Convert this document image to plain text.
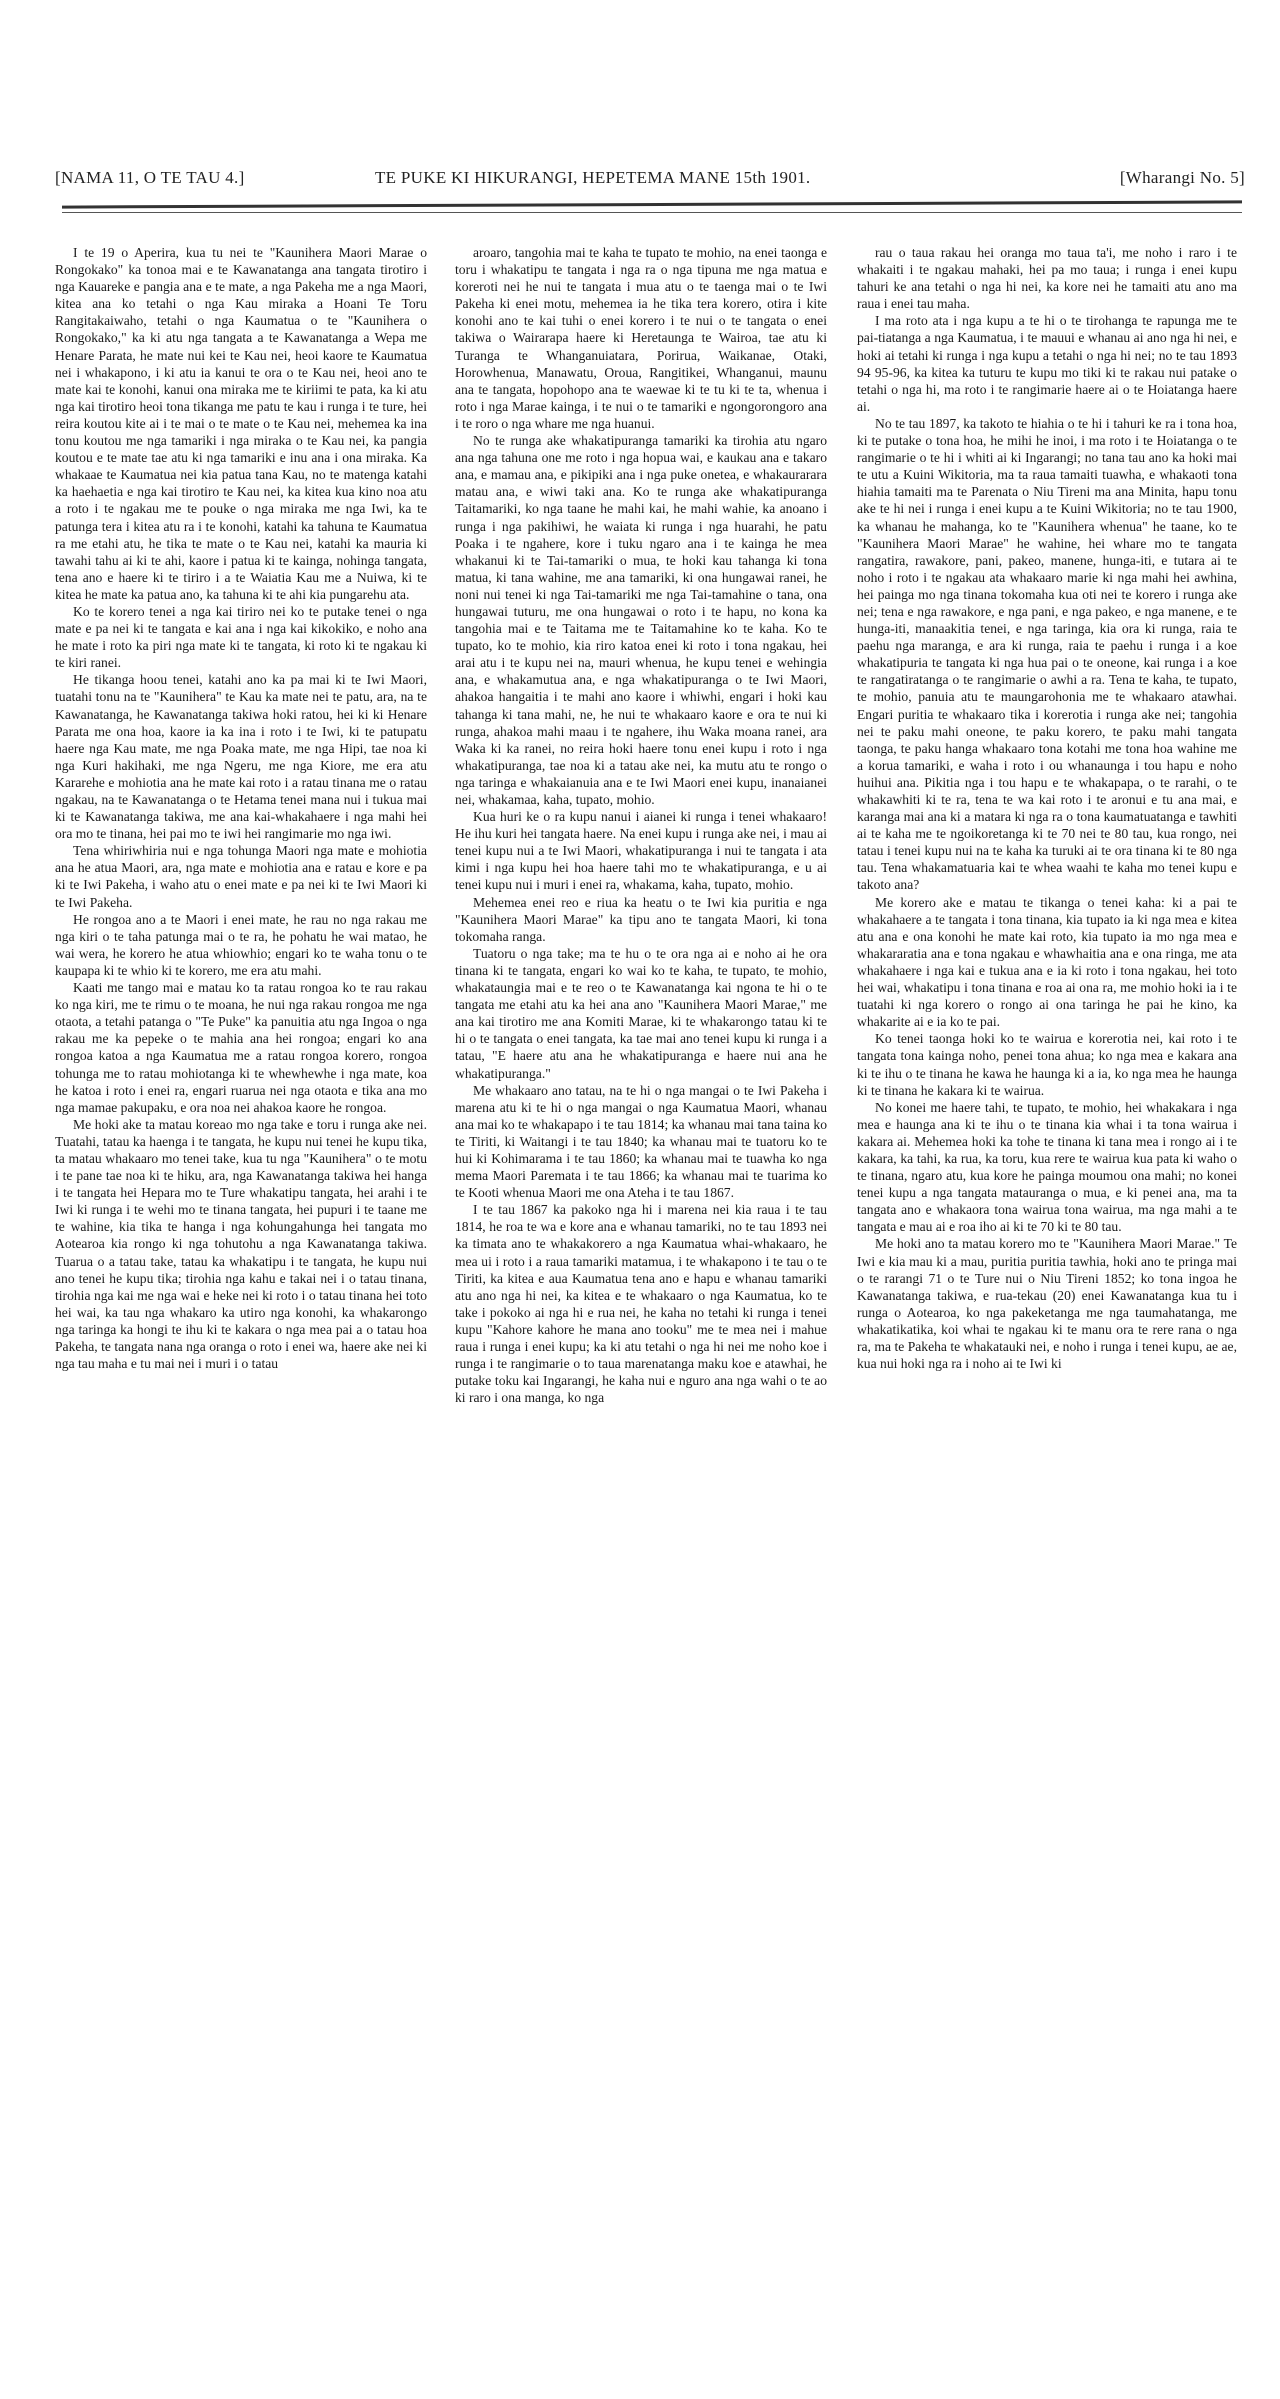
[NAMA 11, O TE TAU 4.]	TE PUKE KI HIKURANGI, HEPETEMA MANE 15th 1901.	[Wharangi No. 5]

I te 19 o Aperira, kua tu nei te "Kaunihera Maori Marae o Rongokako" ka tonoa mai e te Kawanatanga ana tangata tirotiro i nga Kauareke e pangia ana e te mate, a nga Pakeha me a nga Maori, kitea ana ko tetahi o nga Kau miraka a Hoani Te Toru Rangitakaiwaho, tetahi o nga Kaumatua o te "Kaunihera o Rongokako," ka ki atu nga tangata a te Kawanatanga a Wepa me Henare Parata, he mate nui kei te Kau nei, heoi kaore te Kaumatua nei i whakapono, i ki atu ia kanui te ora o te Kau nei, heoi ano te mate kai te konohi, kanui ona miraka me te kiriimi te pata, ka ki atu nga kai tirotiro heoi tona tikanga me patu te kau i runga i te ture, hei reira koutou kite ai i te mai o te mate o te Kau nei, mehemea ka ina tonu koutou me nga tamariki i nga miraka o te Kau nei, ka pangia koutou e te mate tae atu ki nga tamariki e inu ana i ona miraka. Ka whakaae te Kaumatua nei kia patua tana Kau, no te matenga katahi ka haehaetia e nga kai tirotiro te Kau nei, ka kitea kua kino noa atu a roto i te ngakau me te pouke o nga miraka me nga Iwi, ka te patunga tera i kitea atu ra i te konohi, katahi ka tahuna te Kaumatua ra me etahi atu, he tika te mate o te Kau nei, katahi ka mauria ki tawahi tahu ai ki te ahi, kaore i patua ki te kainga, nohinga tangata, tena ano e haere ki te tiriro i a te Waiatia Kau me a Nuiwa, ki te kitea he mate ka patua ano, ka tahuna ki te ahi kia pungarehu ata.

Ko te korero tenei a nga kai tiriro nei ko te putake tenei o nga mate e pa nei ki te tangata e kai ana i nga kai kikokiko, e noho ana he mate i roto ka piri nga mate ki te tangata, ki roto ki te ngakau ki te kiri ranei.

He tikanga hoou tenei, katahi ano ka pa mai ki te Iwi Maori, tuatahi tonu na te "Kaunihera" te Kau ka mate nei te patu, ara, na te Kawanatanga, he Kawanatanga takiwa hoki ratou, hei ki ki Henare Parata me ona hoa, kaore ia ka ina i roto i te Iwi, ki te patupatu haere nga Kau mate, me nga Poaka mate, me nga Hipi, tae noa ki nga Kuri hakihaki, me nga Ngeru, me nga Kiore, me era atu Kararehe e mohiotia ana he mate kai roto i a ratau tinana me o ratau ngakau, na te Kawanatanga o te Hetama tenei mana nui i tukua mai ki te Kawanatanga takiwa, me ana kai-whakahaere i nga mahi hei ora mo te tinana, hei pai mo te iwi hei rangimarie mo nga iwi.

Tena whiriwhiria nui e nga tohunga Maori nga mate e mohiotia ana he atua Maori, ara, nga mate e mohiotia ana e ratau e kore e pa ki te Iwi Pakeha, i waho atu o enei mate e pa nei ki te Iwi Maori ki te Iwi Pakeha.

He rongoa ano a te Maori i enei mate, he rau no nga rakau me nga kiri o te taha patunga mai o te ra, he pohatu he wai matao, he wai wera, he korero he atua whiowhio; engari ko te waha tonu o te kaupapa ki te whio ki te korero, me era atu mahi.

Kaati me tango mai e matau ko ta ratau rongoa ko te rau rakau ko nga kiri, me te rimu o te moana, he nui nga rakau rongoa me nga otaota, a tetahi patanga o "Te Puke" ka panuitia atu nga Ingoa o nga rakau me ka pepeke o te mahia ana hei rongoa; engari ko ana rongoa katoa a nga Kaumatua me a ratau rongoa korero, rongoa tohunga me to ratau mohiotanga ki te whewhewhe i nga mate, koa he katoa i roto i enei ra, engari ruarua nei nga otaota e tika ana mo nga mamae pakupaku, e ora noa nei ahakoa kaore he rongoa.

Me hoki ake ta matau koreao mo nga take e toru i runga ake nei. Tuatahi, tatau ka haenga i te tangata, he kupu nui tenei he kupu tika, ta matau whakaaro mo tenei take, kua tu nga "Kaunihera" o te motu i te pane tae noa ki te hiku, ara, nga Kawanatanga takiwa hei hanga i te tangata hei Hepara mo te Ture whakatipu tangata, hei arahi i te Iwi ki runga i te wehi mo te tinana tangata, hei pupuri i te taane me te wahine, kia tika te hanga i nga kohungahunga hei tangata mo Aotearoa kia rongo ki nga tohutohu a nga Kawanatanga takiwa. Tuarua o a tatau take, tatau ka whakatipu i te tangata, he kupu nui ano tenei he kupu tika; tirohia nga kahu e takai nei i o tatau tinana, tirohia nga kai me nga wai e heke nei ki roto i o tatau tinana hei toto hei wai, ka tau nga whakaro ka utiro nga konohi, ka whakarongo nga taringa ka hongi te ihu ki te kakara o nga mea pai a o tatau hoa Pakeha, te tangata nana nga oranga o roto i enei wa, haere ake nei ki nga tau maha e tu mai nei i muri i o tatau

aroaro, tangohia mai te kaha te tupato te mohio, na enei taonga e toru i whakatipu te tangata i nga ra o nga tipuna me nga matua e koreroti nei he nui te tangata i mua atu o te taenga mai o te Iwi Pakeha ki enei motu, mehemea ia he tika tera korero, otira i kite konohi ano te kai tuhi o enei korero i te nui o te tangata o enei takiwa o Wairarapa haere ki Heretaunga te Wairoa, tae atu ki Turanga te Whanganuiatara, Porirua, Waikanae, Otaki, Horowhenua, Manawatu, Oroua, Rangitikei, Whanganui, maunu ana te tangata, hopohopo ana te waewae ki te tu ki te ta, whenua i roto i nga Marae kainga, i te nui o te tamariki e ngongorongoro ana i te roro o nga whare me nga huanui.

No te runga ake whakatipuranga tamariki ka tirohia atu ngaro ana nga tahuna one me roto i nga hopua wai, e kaukau ana e takaro ana, e mamau ana, e pikipiki ana i nga puke onetea, e whakaurarara matau ana, e wiwi taki ana. Ko te runga ake whakatipuranga Taitamariki, ko nga taane he mahi kai, he mahi wahie, ka anoano i runga i nga pakihiwi, he waiata ki runga i nga huarahi, he patu Poaka i te ngahere, kore i tuku ngaro ana i te kainga he mea whakanui ki te Tai-tamariki o mua, te hoki kau tahanga ki tona matua, ki tana wahine, me ana tamariki, ki ona hungawai ranei, he noni nui tenei ki nga Tai-tamariki me nga Tai-tamahine o tana, ona hungawai tuturu, me ona hungawai o roto i te hapu, no kona ka tangohia mai e te Taitama me te Taitamahine ko te kaha. Ko te tupato, ko te mohio, kia riro katoa enei ki roto i tona ngakau, hei arai atu i te kupu nei na, mauri whenua, he kupu tenei e wehingia ana, e whakamutua ana, e nga whakatipuranga o te Iwi Maori, ahakoa hangaitia i te mahi ano kaore i whiwhi, engari i hoki kau tahanga ki tana mahi, ne, he nui te whakaaro kaore e ora te nui ki runga, ahakoa mahi maau i te ngahere, ihu Waka moana ranei, ara Waka ki ka ranei, no reira hoki haere tonu enei kupu i roto i nga whakatipuranga, tae noa ki a tatau ake nei, ka mutu atu te rongo o nga taringa e whakaianuia ana e te Iwi Maori enei kupu, inanaianei nei, whakamaa, kaha, tupato, mohio.

Kua huri ke o ra kupu nanui i aianei ki runga i tenei whakaaro! He ihu kuri hei tangata haere. Na enei kupu i runga ake nei, i mau ai tenei kupu nui a te Iwi Maori, whakatipuranga i nui te tangata i ata kimi i nga kupu hei hoa haere tahi mo te whakatipuranga, e u ai tenei kupu nui i muri i enei ra, whakama, kaha, tupato, mohio.

Mehemea enei reo e riua ka heatu o te Iwi kia puritia e nga "Kaunihera Maori Marae" ka tipu ano te tangata Maori, ki tona tokomaha ranga.

Tuatoru o nga take; ma te hu o te ora nga ai e noho ai he ora tinana ki te tangata, engari ko wai ko te kaha, te tupato, te mohio, whakataungia mai e te reo o te Kawanatanga kai ngona te hi o te tangata me etahi atu ka hei ana ano "Kaunihera Maori Marae," me ana kai tirotiro me ana Komiti Marae, ki te whakarongo tatau ki te hi o te tangata o enei tangata, ka tae mai ano tenei kupu ki runga i a tatau, "E haere atu ana he whakatipuranga e haere nui ana he whakatipuranga."

Me whakaaro ano tatau, na te hi o nga mangai o te Iwi Pakeha i marena atu ki te hi o nga mangai o nga Kaumatua Maori, whanau ana mai ko te whakapapo i te tau 1814; ka whanau mai tana taina ko te Tiriti, ki Waitangi i te tau 1840; ka whanau mai te tuatoru ko te hui ki Kohimarama i te tau 1860; ka whanau mai te tuawha ko nga mema Maori Paremata i te tau 1866; ka whanau mai te tuarima ko te Kooti whenua Maori me ona Ateha i te tau 1867.

I te tau 1867 ka pakoko nga hi i marena nei kia raua i te tau 1814, he roa te wa e kore ana e whanau tamariki, no te tau 1893 nei ka timata ano te whakakorero a nga Kaumatua whai-whakaaro, he mea ui i roto i a raua tamariki matamua, i te whakapono i te tau o te Tiriti, ka kitea e aua Kaumatua tena ano e hapu e whanau tamariki atu ano nga hi nei, ka kitea e te whakaaro o nga Kaumatua, ko te take i pokoko ai nga hi e rua nei, he kaha no tetahi ki runga i tenei kupu "Kahore kahore he mana ano tooku" me te mea nei i mahue raua i runga i enei kupu; ka ki atu tetahi o nga hi nei me noho koe i runga i te rangimarie o to taua marenatanga maku koe e atawhai, he putake toku kai Ingarangi, he kaha nui e nguro ana nga wahi o te ao ki raro i ona manga, ko nga

rau o taua rakau hei oranga mo taua ta'i, me noho i raro i te whakaiti i te ngakau mahaki, hei pa mo taua; i runga i enei kupu tahuri ke ana tetahi o nga hi nei, ka kore nei he tamaiti atu ano ma raua i enei tau maha.

I ma roto ata i nga kupu a te hi o te tirohanga te rapunga me te pai-tiatanga a nga Kaumatua, i te mauui e whanau ai ano nga hi nei, e hoki ai tetahi ki runga i nga kupu a tetahi o nga hi nei; no te tau 1893 94 95-96, ka kitea ka tuturu te kupu mo tiki ki te rakau nui patake o tetahi o nga hi, ma roto i te rangimarie haere ai o te Hoiatanga haere ai.

No te tau 1897, ka takoto te hiahia o te hi i tahuri ke ra i tona hoa, ki te putake o tona hoa, he mihi he inoi, i ma roto i te Hoiatanga o te rangimarie o te hi i whiti ai ki Ingarangi; no tana tau ano ka hoki mai te utu a Kuini Wikitoria, ma ta raua tamaiti tuawha, e whakaoti tona hiahia tamaiti ma te Parenata o Niu Tireni ma ana Minita, hapu tonu ake te hi nei i runga i enei kupu a te Kuini Wikitoria; no te tau 1900, ka whanau he mahanga, ko te "Kaunihera whenua" he taane, ko te "Kaunihera Maori Marae" he wahine, hei whare mo te tangata rangatira, rawakore, pani, pakeo, manene, hunga-iti, e tutara ai te noho i roto i te ngakau ata whakaaro marie ki nga mahi hei awhina, hei painga mo nga tinana tokomaha kua oti nei te korero i runga ake nei; tena e nga rawakore, e nga pani, e nga pakeo, e nga manene, e te hunga-iti, manaakitia tenei, e nga taringa, kia ora ki runga, raia te paehu nga maranga, e ara ki runga, raia te paehu i runga i a koe whakatipuria te tangata ki nga hua pai o te oneone, kai runga i a koe te rangatiratanga o te rangimarie o awhi a ra. Tena te kaha, te tupato, te mohio, panuia atu te maungarohonia me te whakaaro atawhai. Engari puritia te whakaaro tika i korerotia i runga ake nei; tangohia nei te paku mahi oneone, te paku korero, te paku mahi tangata taonga, te paku hanga whakaaro tona kotahi me tona hoa wahine me a korua tamariki, e waha i roto i ou whanaunga i tou hapu e noho huihui ana. Pikitia nga i tou hapu e te whakapapa, o te rarahi, o te whakawhiti ki te ra, tena te wa kai roto i te aronui e tu ana mai, e karanga mai ana ki a matara ki nga ra o tona kaumatuatanga e tawhiti ai te kaha me te ngoikoretanga ki te 70 nei te 80 tau, kua rongo, nei tatau i tenei kupu nui na te kaha ka turuki ai te ora tinana ki te 80 nga tau. Tena whakamatuaria kai te whea waahi te kaha mo tenei kupu e takoto ana?

Me korero ake e matau te tikanga o tenei kaha: ki a pai te whakahaere a te tangata i tona tinana, kia tupato ia ki nga mea e kitea atu ana e ona konohi he mate kai roto, kia tupato ia mo nga mea e whakararatia ana e tona ngakau e whawhaitia ana e ona ringa, me ata whakahaere i nga kai e tukua ana e ia ki roto i tona ngakau, hei toto hei wai, whakatipu i tona tinana e roa ai ona ra, me mohio hoki ia i te tuatahi ki nga korero o rongo ai ona taringa he pai he kino, ka whakarite ai e ia ko te pai.

Ko tenei taonga hoki ko te wairua e korerotia nei, kai roto i te tangata tona kainga noho, penei tona ahua; ko nga mea e kakara ana ki te ihu o te tinana he kawa he haunga ki a ia, ko nga mea he haunga ki te tinana he kakara ki te wairua.

No konei me haere tahi, te tupato, te mohio, hei whakakara i nga mea e haunga ana ki te ihu o te tinana kia whai i ta tona wairua i kakara ai. Mehemea hoki ka tohe te tinana ki tana mea i rongo ai i te kakara, ka tahi, ka rua, ka toru, kua rere te wairua kua pata ki waho o te tinana, ngaro atu, kua kore he painga moumou ona mahi; no konei tenei kupu a nga tangata matauranga o mua, e ki penei ana, ma ta tangata ano e whakaora tona wairua tona wairua, ma nga mahi a te tangata e mau ai e roa iho ai ki te 70 ki te 80 tau.

Me hoki ano ta matau korero mo te "Kaunihera Maori Marae." Te Iwi e kia mau ki a mau, puritia puritia tawhia, hoki ano te pringa mai o te rarangi 71 o te Ture nui o Niu Tireni 1852; ko tona ingoa he Kawanatanga takiwa, e rua-tekau (20) enei Kawanatanga kua tu i runga o Aotearoa, ko nga pakeketanga me nga taumahatanga, me whakatikatika, koi whai te ngakau ki te manu ora te rere rana o nga ra, ma te Pakeha te whakatauki nei, e noho i runga i tenei kupu, ae ae, kua nui hoki nga ra i noho ai te Iwi ki
